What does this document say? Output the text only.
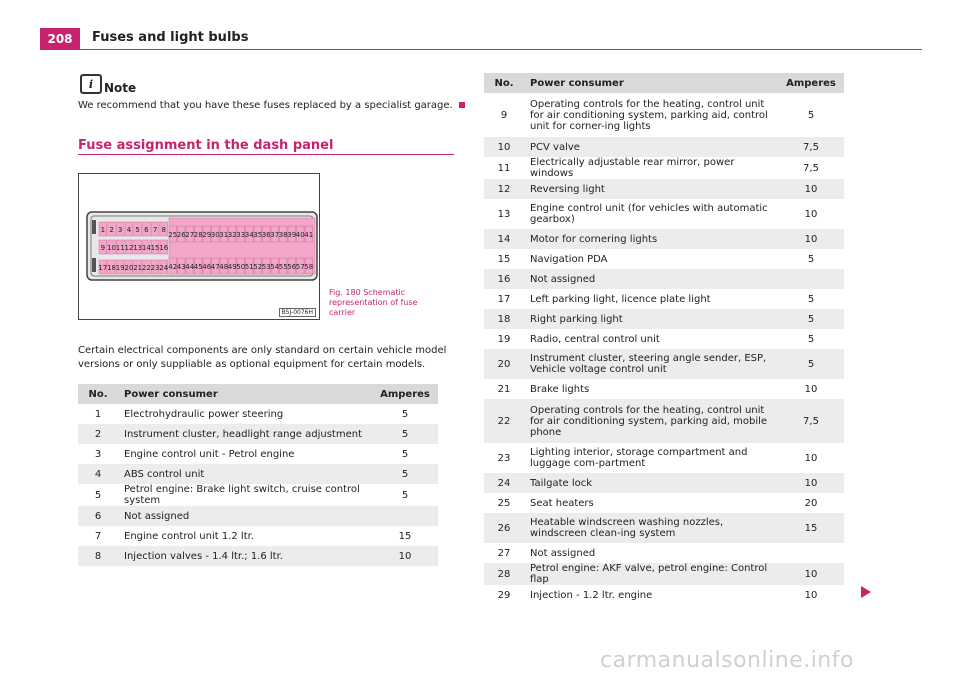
208	Fuses and light bulbs
i Note
We recommend that you have these fuses replaced by a specialist garage.
Fuse assignment in the dash panel
1 2 3 4 5 6 7 8
9 10 11 12 13 14 15 16
17 18 19 20 21 22 23 24
25 26 27 28 29 30 31 32 33 34 35 36 37 38 39 40 41
42 43 44 45 46 47 48 49 50 51 52 53 54 55 56 57 58
B5J-0076H
Fig. 180 Schematic
representation of fuse
carrier
Certain electrical components are only standard on certain vehicle model versions or only suppliable as optional equipment for certain models.
No.	Power consumer	Amperes
1	Electrohydraulic power steering	5
2	Instrument cluster, headlight range adjustment	5
3	Engine control unit - Petrol engine	5
4	ABS control unit	5
5	Petrol engine: Brake light switch, cruise control system	5
6	Not assigned	
7	Engine control unit 1.2 ltr.	15
8	Injection valves - 1.4 ltr.; 1.6 ltr.	10
No.	Power consumer	Amperes
9	Operating controls for the heating, control unit for air conditioning system, parking aid, control unit for corner-ing lights	5
10	PCV valve	7,5
11	Electrically adjustable rear mirror, power windows	7,5
12	Reversing light	10
13	Engine control unit (for vehicles with automatic gearbox)	10
14	Motor for cornering lights	10
15	Navigation PDA	5
16	Not assigned	
17	Left parking light, licence plate light	5
18	Right parking light	5
19	Radio, central control unit	5
20	Instrument cluster, steering angle sender, ESP, Vehicle voltage control unit	5
21	Brake lights	10
22	Operating controls for the heating, control unit for air conditioning system, parking aid, mobile phone	7,5
23	Lighting interior, storage compartment and luggage com-partment	10
24	Tailgate lock	10
25	Seat heaters	20
26	Heatable windscreen washing nozzles, windscreen clean-ing system	15
27	Not assigned	
28	Petrol engine: AKF valve, petrol engine: Control flap	10
29	Injection - 1.2 ltr. engine	10
carmanualsonline.info
